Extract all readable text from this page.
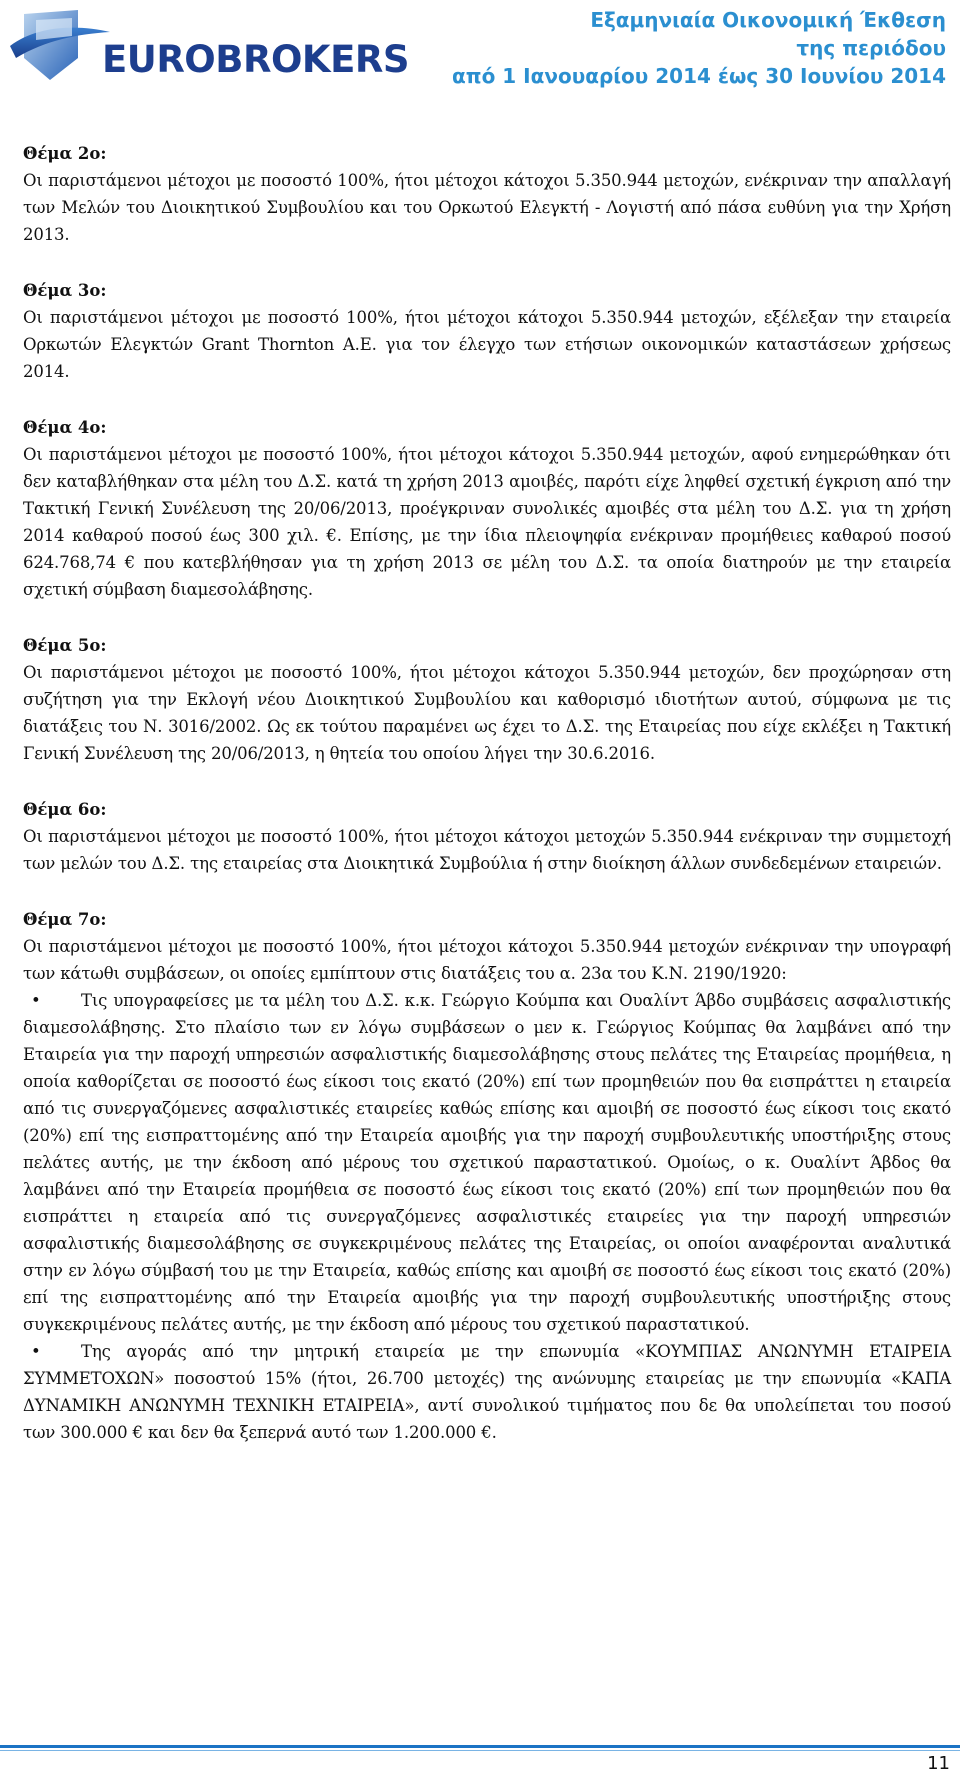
EUROBROKERS
Εξαμηνιαία Οικονομική Έκθεση
της περιόδου
από 1 Ιανουαρίου 2014 έως 30 Ιουνίου 2014
Θέμα 2ο:
Οι παριστάμενοι μέτοχοι με ποσοστό 100%, ήτοι μέτοχοι κάτοχοι 5.350.944 μετοχών, ενέκριναν την απαλλαγή των Μελών του Διοικητικού Συμβουλίου και του Ορκωτού Ελεγκτή - Λογιστή από πάσα ευθύνη για την Χρήση 2013.
Θέμα 3ο:
Οι παριστάμενοι μέτοχοι με ποσοστό 100%, ήτοι μέτοχοι κάτοχοι 5.350.944 μετοχών, εξέλεξαν την εταιρεία Ορκωτών Ελεγκτών Grant Thornton Α.Ε. για τον έλεγχο των ετήσιων οικονομικών καταστάσεων χρήσεως 2014.
Θέμα 4ο:
Οι παριστάμενοι μέτοχοι με ποσοστό 100%, ήτοι μέτοχοι κάτοχοι 5.350.944 μετοχών, αφού ενημερώθηκαν ότι δεν καταβλήθηκαν στα μέλη του Δ.Σ. κατά τη χρήση 2013 αμοιβές, παρότι είχε ληφθεί σχετική έγκριση από την Τακτική Γενική Συνέλευση της 20/06/2013, προέγκριναν συνολικές αμοιβές στα μέλη του Δ.Σ. για τη χρήση 2014 καθαρού ποσού έως 300 χιλ. €. Επίσης, με την ίδια πλειοψηφία ενέκριναν προμήθειες καθαρού ποσού 624.768,74 € που κατεβλήθησαν για τη χρήση 2013 σε μέλη του Δ.Σ. τα οποία διατηρούν με την εταιρεία σχετική σύμβαση διαμεσολάβησης.
Θέμα 5ο:
Οι παριστάμενοι μέτοχοι με ποσοστό 100%, ήτοι μέτοχοι κάτοχοι 5.350.944 μετοχών, δεν προχώρησαν στη συζήτηση για την Εκλογή νέου Διοικητικού Συμβουλίου και καθορισμό ιδιοτήτων αυτού, σύμφωνα με τις διατάξεις του Ν. 3016/2002. Ως εκ τούτου παραμένει ως έχει το Δ.Σ. της Εταιρείας που είχε εκλέξει η Τακτική Γενική Συνέλευση της 20/06/2013, η θητεία του οποίου λήγει την 30.6.2016.
Θέμα 6ο:
Οι παριστάμενοι μέτοχοι με ποσοστό 100%, ήτοι μέτοχοι κάτοχοι μετοχών 5.350.944 ενέκριναν την συμμετοχή των μελών του Δ.Σ. της εταιρείας στα Διοικητικά Συμβούλια ή στην διοίκηση άλλων συνδεδεμένων εταιρειών.
Θέμα 7ο:
Οι παριστάμενοι μέτοχοι με ποσοστό 100%, ήτοι μέτοχοι κάτοχοι 5.350.944 μετοχών ενέκριναν την υπογραφή των κάτωθι συμβάσεων, οι οποίες εμπίπτουν στις διατάξεις του α. 23α του Κ.Ν. 2190/1920:
• Τις υπογραφείσες με τα μέλη του Δ.Σ. κ.κ. Γεώργιο Κούμπα και Ουαλίντ Άβδο συμβάσεις ασφαλιστικής διαμεσολάβησης. Στο πλαίσιο των εν λόγω συμβάσεων ο μεν κ. Γεώργιος Κούμπας θα λαμβάνει από την Εταιρεία για την παροχή υπηρεσιών ασφαλιστικής διαμεσολάβησης στους πελάτες της Εταιρείας προμήθεια, η οποία καθορίζεται σε ποσοστό έως είκοσι τοις εκατό (20%) επί των προμηθειών που θα εισπράττει η εταιρεία από τις συνεργαζόμενες ασφαλιστικές εταιρείες καθώς επίσης και αμοιβή σε ποσοστό έως είκοσι τοις εκατό (20%) επί της εισπραττομένης από την Εταιρεία αμοιβής για την παροχή συμβουλευτικής υποστήριξης στους πελάτες αυτής, με την έκδοση από μέρους του σχετικού παραστατικού. Ομοίως, ο κ. Ουαλίντ Άβδος θα λαμβάνει από την Εταιρεία προμήθεια σε ποσοστό έως είκοσι τοις εκατό (20%) επί των προμηθειών που θα εισπράττει η εταιρεία από τις συνεργαζόμενες ασφαλιστικές εταιρείες για την παροχή υπηρεσιών ασφαλιστικής διαμεσολάβησης σε συγκεκριμένους πελάτες της Εταιρείας, οι οποίοι αναφέρονται αναλυτικά στην εν λόγω σύμβασή του με την Εταιρεία, καθώς επίσης και αμοιβή σε ποσοστό έως είκοσι τοις εκατό (20%) επί της εισπραττομένης από την Εταιρεία αμοιβής για την παροχή συμβουλευτικής υποστήριξης στους συγκεκριμένους πελάτες αυτής, με την έκδοση από μέρους του σχετικού παραστατικού.
• Της αγοράς από την μητρική εταιρεία με την επωνυμία «ΚΟΥΜΠΙΑΣ ΑΝΩΝΥΜΗ ΕΤΑΙΡΕΙΑ ΣΥΜΜΕΤΟΧΩΝ» ποσοστού 15% (ήτοι, 26.700 μετοχές) της ανώνυμης εταιρείας με την επωνυμία «ΚΑΠΑ ΔΥΝΑΜΙΚΗ ΑΝΩΝΥΜΗ ΤΕΧΝΙΚΗ ΕΤΑΙΡΕΙΑ», αντί συνολικού τιμήματος που δε θα υπολείπεται του ποσού των 300.000 € και δεν θα ξεπερνά αυτό των 1.200.000 €.
11
